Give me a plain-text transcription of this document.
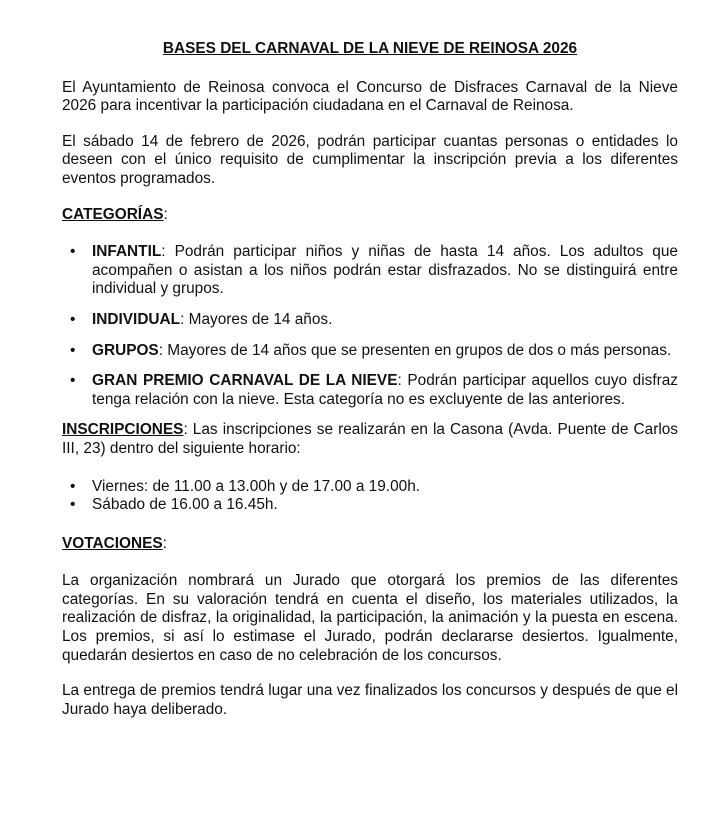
BASES DEL CARNAVAL DE LA NIEVE DE REINOSA 2026

El Ayuntamiento de Reinosa convoca el Concurso de Disfraces Carnaval de la Nieve 2026 para incentivar la participación ciudadana en el Carnaval de Reinosa.

El sábado 14 de febrero de 2026, podrán participar cuantas personas o entidades lo deseen con el único requisito de cumplimentar la inscripción previa a los diferentes eventos programados.

CATEGORÍAS:
• INFANTIL: Podrán participar niños y niñas de hasta 14 años. Los adultos que acompañen o asistan a los niños podrán estar disfrazados. No se distinguirá entre individual y grupos.
• INDIVIDUAL: Mayores de 14 años.
• GRUPOS: Mayores de 14 años que se presenten en grupos de dos o más personas.
• GRAN PREMIO CARNAVAL DE LA NIEVE: Podrán participar aquellos cuyo disfraz tenga relación con la nieve. Esta categoría no es excluyente de las anteriores.

INSCRIPCIONES: Las inscripciones se realizarán en la Casona (Avda. Puente de Carlos III, 23) dentro del siguiente horario:

• Viernes: de 11.00 a 13.00h y de 17.00 a 19.00h.
• Sábado de 16.00 a 16.45h.
VOTACIONES:

La organización nombrará un Jurado que otorgará los premios de las diferentes categorías. En su valoración tendrá en cuenta el diseño, los materiales utilizados, la realización de disfraz, la originalidad, la participación, la animación y la puesta en escena. Los premios, si así lo estimase el Jurado, podrán declararse desiertos. Igualmente, quedarán desiertos en caso de no celebración de los concursos.

La entrega de premios tendrá lugar una vez finalizados los concursos y después de que el Jurado haya deliberado.
